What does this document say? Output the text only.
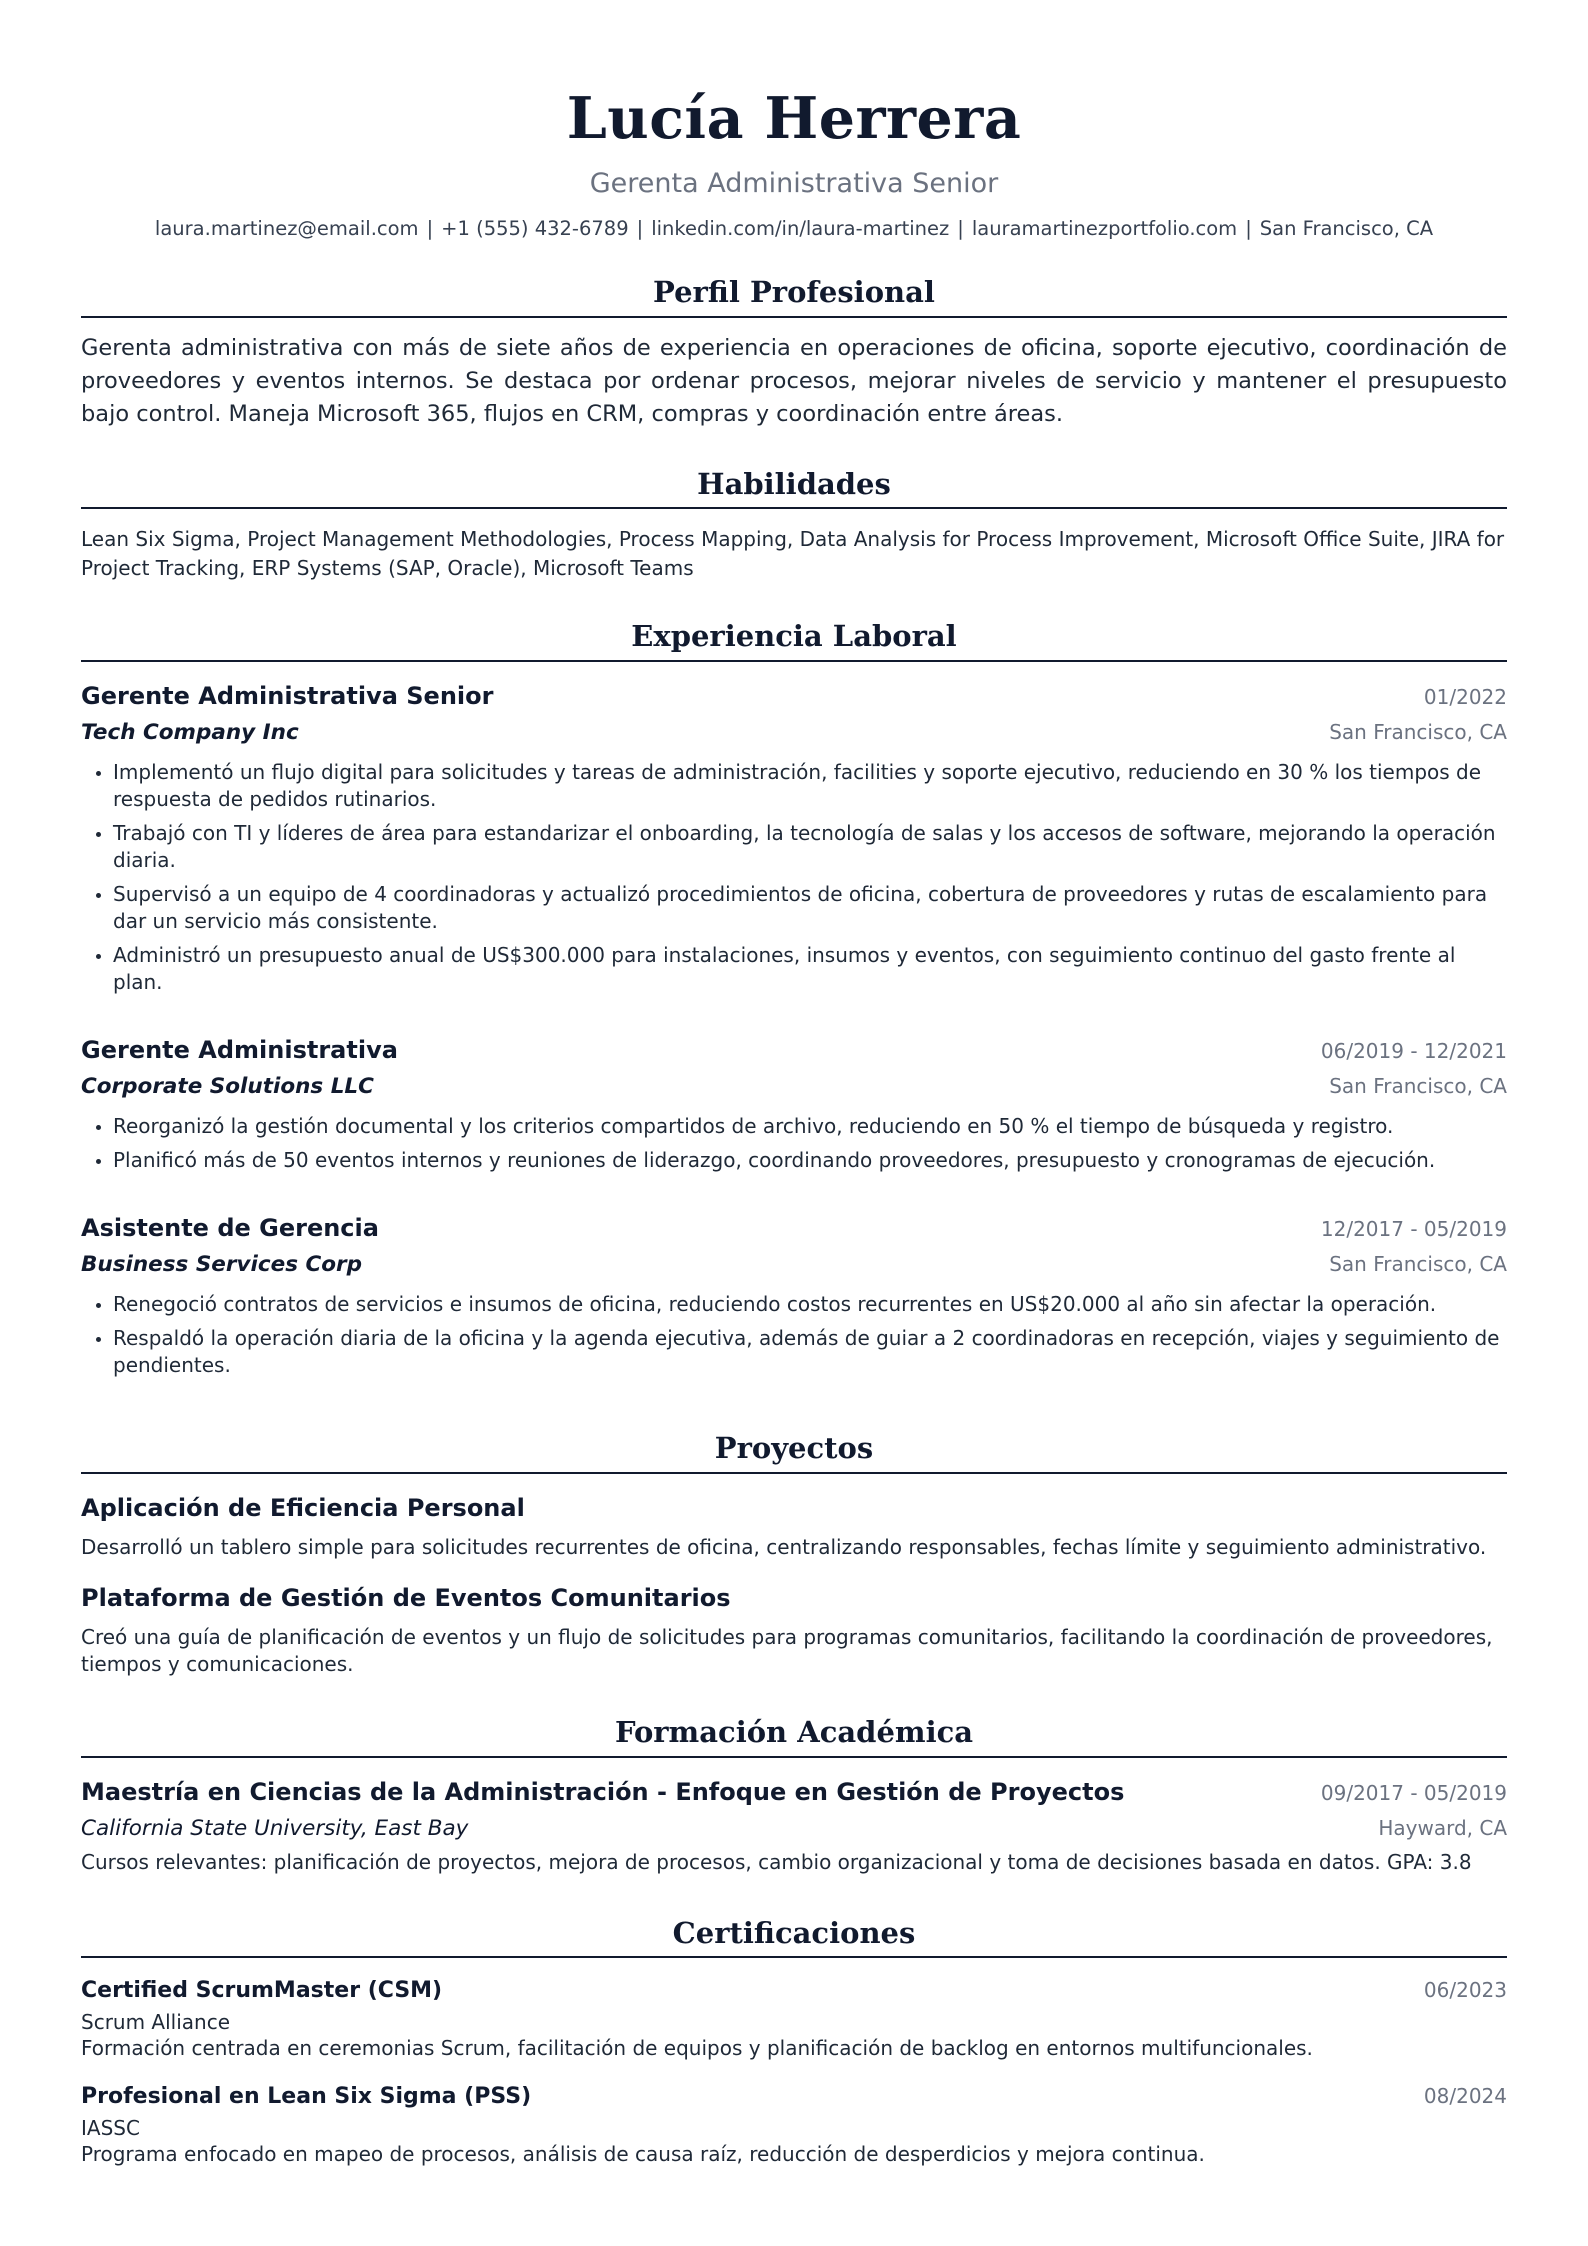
Lucía Herrera
Gerenta Administrativa Senior
laura.martinez@email.com | +1 (555) 432-6789 | linkedin.com/in/laura-martinez | lauramartinezportfolio.com | San Francisco, CA
Perfil Profesional
Gerenta administrativa con más de siete años de experiencia en operaciones de oficina, soporte ejecutivo, coordinación de proveedores y eventos internos. Se destaca por ordenar procesos, mejorar niveles de servicio y mantener el presupuesto bajo control. Maneja Microsoft 365, flujos en CRM, compras y coordinación entre áreas.
Habilidades
Lean Six Sigma, Project Management Methodologies, Process Mapping, Data Analysis for Process Improvement, Microsoft Office Suite, JIRA for Project Tracking, ERP Systems (SAP, Oracle), Microsoft Teams
Experiencia Laboral
Gerente Administrativa Senior	01/2022
Tech Company Inc	San Francisco, CA
Implementó un flujo digital para solicitudes y tareas de administración, facilities y soporte ejecutivo, reduciendo en 30 % los tiempos de respuesta de pedidos rutinarios.
Trabajó con TI y líderes de área para estandarizar el onboarding, la tecnología de salas y los accesos de software, mejorando la operación diaria.
Supervisó a un equipo de 4 coordinadoras y actualizó procedimientos de oficina, cobertura de proveedores y rutas de escalamiento para dar un servicio más consistente.
Administró un presupuesto anual de US$300.000 para instalaciones, insumos y eventos, con seguimiento continuo del gasto frente al plan.
Gerente Administrativa	06/2019 - 12/2021
Corporate Solutions LLC	San Francisco, CA
Reorganizó la gestión documental y los criterios compartidos de archivo, reduciendo en 50 % el tiempo de búsqueda y registro.
Planificó más de 50 eventos internos y reuniones de liderazgo, coordinando proveedores, presupuesto y cronogramas de ejecución.
Asistente de Gerencia	12/2017 - 05/2019
Business Services Corp	San Francisco, CA
Renegoció contratos de servicios e insumos de oficina, reduciendo costos recurrentes en US$20.000 al año sin afectar la operación.
Respaldó la operación diaria de la oficina y la agenda ejecutiva, además de guiar a 2 coordinadoras en recepción, viajes y seguimiento de pendientes.
Proyectos
Aplicación de Eficiencia Personal
Desarrolló un tablero simple para solicitudes recurrentes de oficina, centralizando responsables, fechas límite y seguimiento administrativo.
Plataforma de Gestión de Eventos Comunitarios
Creó una guía de planificación de eventos y un flujo de solicitudes para programas comunitarios, facilitando la coordinación de proveedores, tiempos y comunicaciones.
Formación Académica
Maestría en Ciencias de la Administración - Enfoque en Gestión de Proyectos	09/2017 - 05/2019
California State University, East Bay	Hayward, CA
Cursos relevantes: planificación de proyectos, mejora de procesos, cambio organizacional y toma de decisiones basada en datos. GPA: 3.8
Certificaciones
Certified ScrumMaster (CSM)	06/2023
Scrum Alliance
Formación centrada en ceremonias Scrum, facilitación de equipos y planificación de backlog en entornos multifuncionales.
Profesional en Lean Six Sigma (PSS)	08/2024
IASSC
Programa enfocado en mapeo de procesos, análisis de causa raíz, reducción de desperdicios y mejora continua.
